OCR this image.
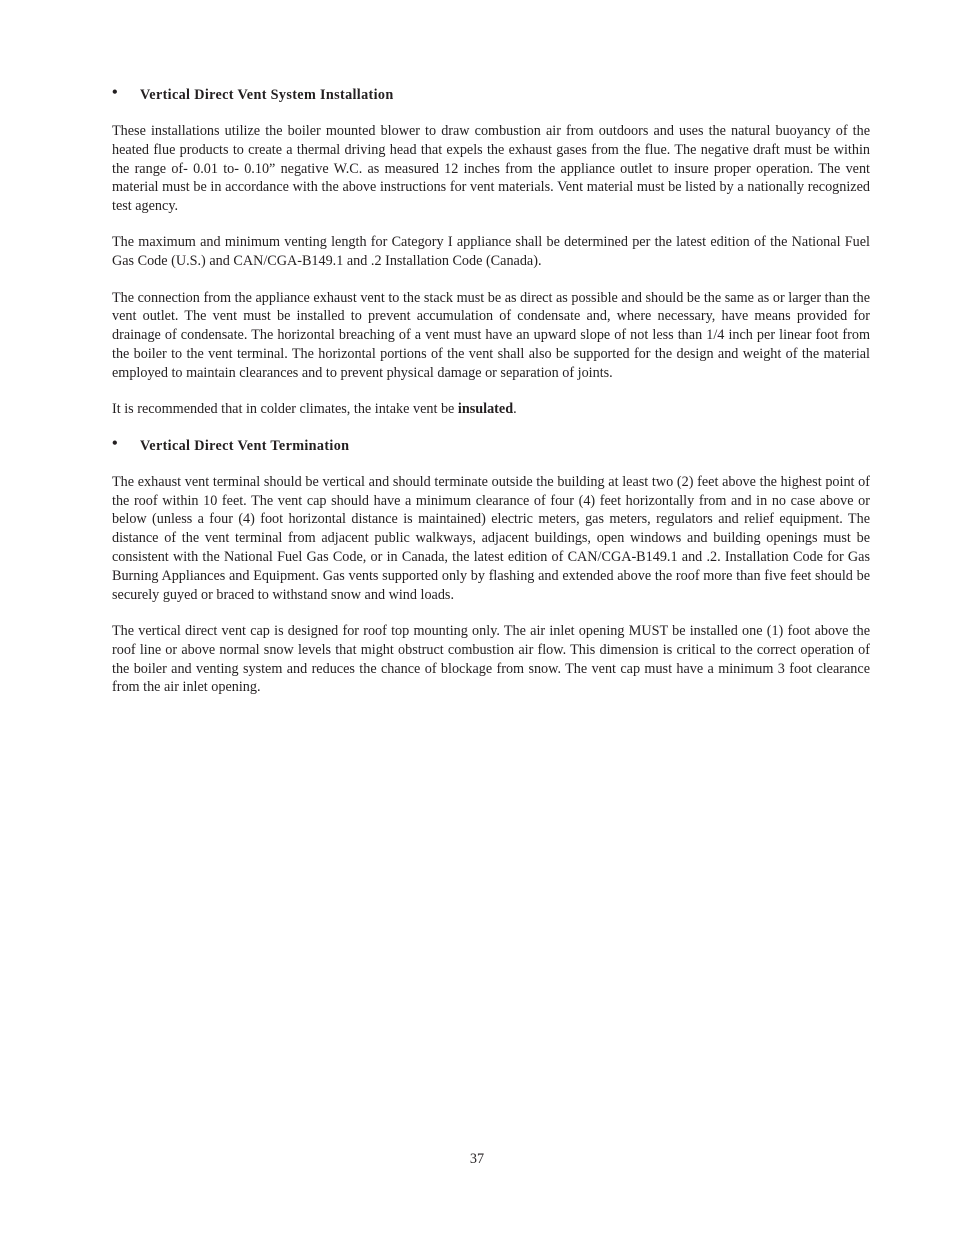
• Vertical Direct Vent System Installation

These installations utilize the boiler mounted blower to draw combustion air from outdoors and uses the natural buoyancy of the heated flue products to create a thermal driving head that expels the exhaust gases from the flue. The negative draft must be within the range of- 0.01 to- 0.10” negative W.C. as measured 12 inches from the appliance outlet to insure proper operation. The vent material must be in accordance with the above instructions for vent materials. Vent material must be listed by a nationally recognized test agency.

The maximum and minimum venting length for Category I appliance shall be determined per the latest edition of the National Fuel Gas Code (U.S.) and CAN/CGA-B149.1 and .2 Installation Code (Canada).

The connection from the appliance exhaust vent to the stack must be as direct as possible and should be the same as or larger than the vent outlet. The vent must be installed to prevent accumulation of condensate and, where necessary, have means provided for drainage of condensate. The horizontal breaching of a vent must have an upward slope of not less than 1/4 inch per linear foot from the boiler to the vent terminal. The horizontal portions of the vent shall also be supported for the design and weight of the material employed to maintain clearances and to prevent physical damage or separation of joints.

It is recommended that in colder climates, the intake vent be insulated.

• Vertical Direct Vent Termination

The exhaust vent terminal should be vertical and should terminate outside the building at least two (2) feet above the highest point of the roof within 10 feet. The vent cap should have a minimum clearance of four (4) feet horizontally from and in no case above or below (unless a four (4) foot horizontal distance is maintained) electric meters, gas meters, regulators and relief equipment. The distance of the vent terminal from adjacent public walkways, adjacent buildings, open windows and building openings must be consistent with the National Fuel Gas Code, or in Canada, the latest edition of CAN/CGA-B149.1 and .2. Installation Code for Gas Burning Appliances and Equipment. Gas vents supported only by flashing and extended above the roof more than five feet should be securely guyed or braced to withstand snow and wind loads.

The vertical direct vent cap is designed for roof top mounting only. The air inlet opening MUST be installed one (1) foot above the roof line or above normal snow levels that might obstruct combustion air flow. This dimension is critical to the correct operation of the boiler and venting system and reduces the chance of blockage from snow. The vent cap must have a minimum 3 foot clearance from the air inlet opening.

37
